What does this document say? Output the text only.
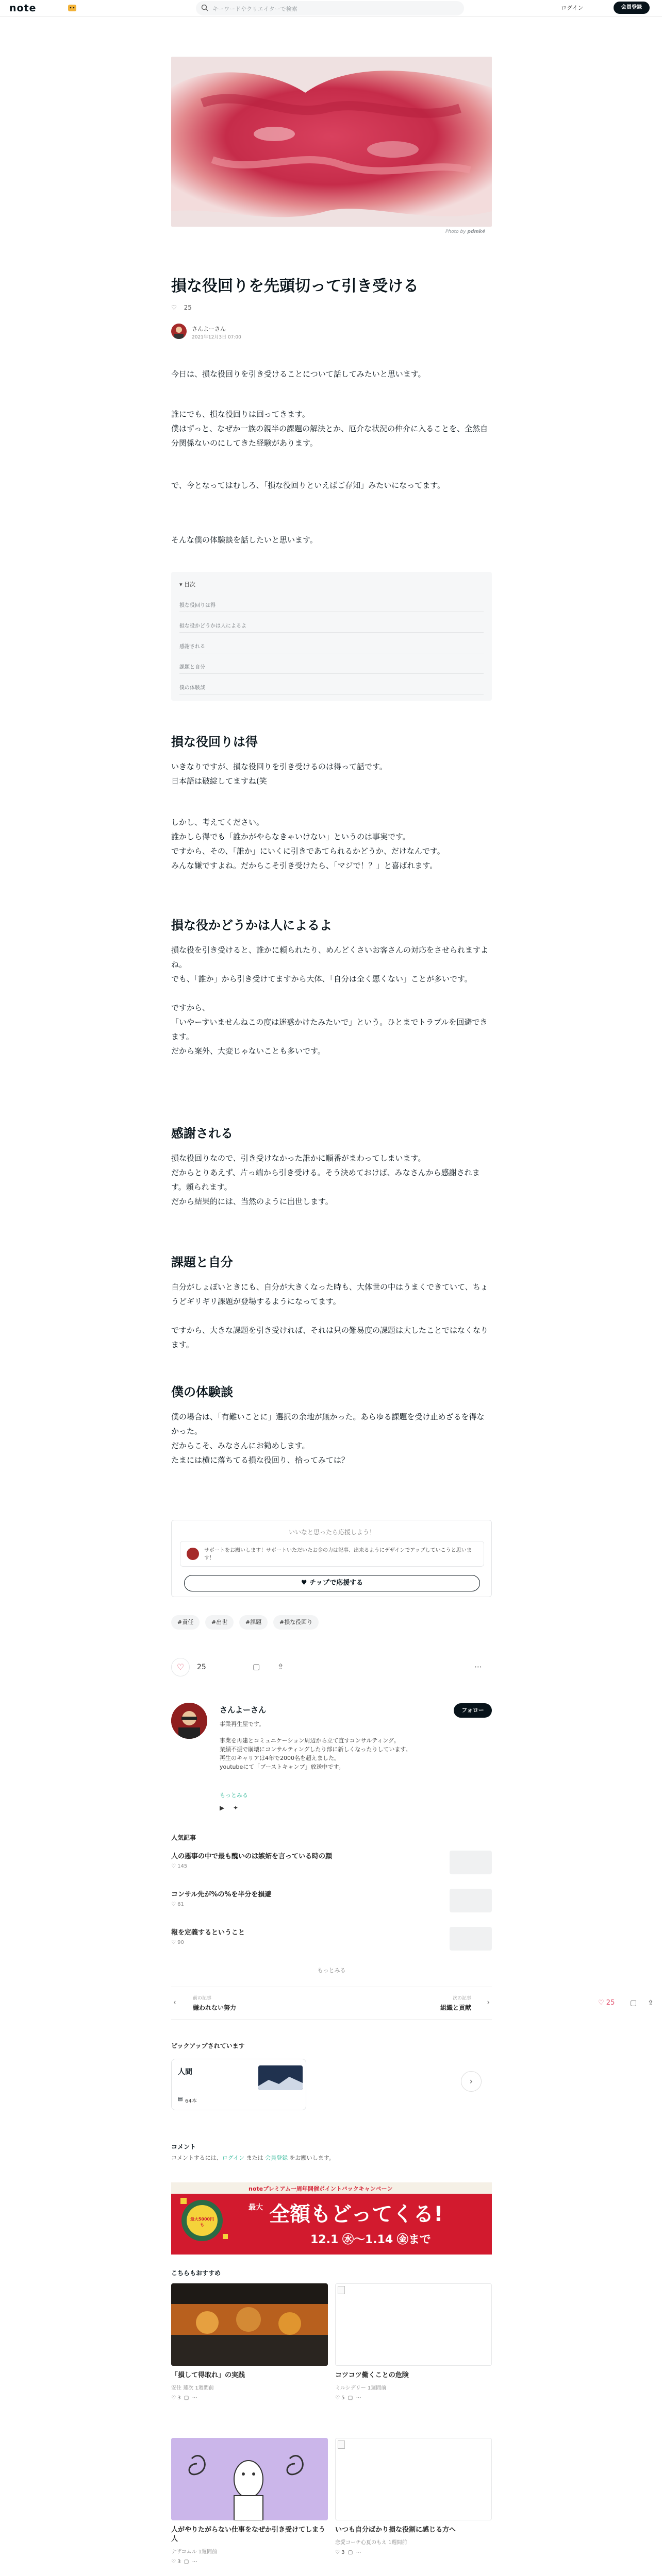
note	キーワードやクリエイターで検索	ログイン	会員登録
Photo by pdmk4
損な役回りを先頭切って引き受ける
♡ 25
さんよーさん
2021年12月3日 07:00
今日は、損な役回りを引き受けることについて話してみたいと思います。
誰にでも、損な役回りは回ってきます。
僕はずっと、なぜか一族の親半の課題の解決とか、厄介な状況の仲介に入ることを、全然自分関係ないのにしてきた経験があります。
で、今となってはむしろ、「損な役回りといえばご存知」みたいになってます。
そんな僕の体験談を話したいと思います。
▾ 目次
損な役回りは得
損な役かどうかは人によるよ
感謝される
課題と自分
僕の体験談
損な役回りは得
いきなりですが、損な役回りを引き受けるのは得って話です。
日本語は破綻してますね(笑
しかし、考えてください。
誰かしら得でも「誰かがやらなきゃいけない」というのは事実です。
ですから、その、「誰か」にいくに引きであてられるかどうか、だけなんです。
みんな嫌ですよね。だからこそ引き受けたら、「マジで！？」と喜ばれます。
損な役かどうかは人によるよ
損な役を引き受けると、誰かに頼られたり、めんどくさいお客さんの対応をさせられますよね。
でも、「誰か」から引き受けてますから大体、「自分は全く悪くない」ことが多いです。
ですから、
「いやーすいませんねこの度は迷惑かけたみたいで」という。ひとまでトラブルを回避できます。
だから案外、大変じゃないことも多いです。
感謝される
損な役回りなので、引き受けなかった誰かに順番がまわってしまいます。
だからとりあえず、片っ端から引き受ける。そう決めておけば、みなさんから感謝されます。頼られます。
だから結果的には、当然のように出世します。
課題と自分
自分がしょぼいときにも、自分が大きくなった時も、大体世の中はうまくできていて、ちょうどギリギリ課題が登場するようになってます。
ですから、大きな課題を引き受ければ、それは只の難易度の課題は大したことではなくなります。
僕の体験談
僕の場合は、「有難いことに」選択の余地が無かった。あらゆる課題を受け止めざるを得なかった。
だからこそ、みなさんにお勧めします。
たまには横に落ちてる損な役回り、拾ってみては？
いいなと思ったら応援しよう！
サポートをお願いします！サポートいただいたお金の力は記事、出来るようにデザインでアップしていこうと思います！
♥ チップで応援する
#責任	#出世	#課題	#損な役回り
♡	25	▢ ⇪	⋯
さんよーさん
事業再生屋です。
事業を再建とコミュニケーション周辺から立て直すコンサルティング。
業績不振で崩壊にコンサルティングしたり部に新しくなったりしています。
再生のキャリアは4年で2000名を超えました。
youtubeにて「ブーストキャンプ」放送中です。
もっとみる
▶ ✦
フォロー
人気記事
人の悪事の中で最も醜いのは嫉妬を言っている時の顔
♡ 145
コンサル先が%の%を半分を損避
♡ 61
報を定義するということ
♡ 90
もっとみる
‹	前の記事
嫌われない努力
次の記事
組織と貢献
›	♡ 25 ▢ ⇪
ピックアップされています
人間
▤ 64本
›
コメント
コメントするには、ログイン または 会員登録 をお願いします。
noteプレミアム一周年開催ポイントバックキャンペーン
最大5000円 も
最大 全額もどってくる!
12.1 ㊌～1.14 ㊎まで
こちらもおすすめ
「損して得取れ」の実践
安住 蓮次 1週間前
♡ 3  ▢  ⋯
コツコツ働くことの危険
ミルシデリー 1週間前
♡ 5  ▢  ⋯
人がやりたがらない仕事をなぜか引き受けてしまう人
ナザコムル 1週間前
♡ 3  ▢  ⋯
いつも自分ばかり損な役割に感じる方へ
恋愛コーチ心夏のもえ 1週間前
♡ 3  ▢  ⋯
